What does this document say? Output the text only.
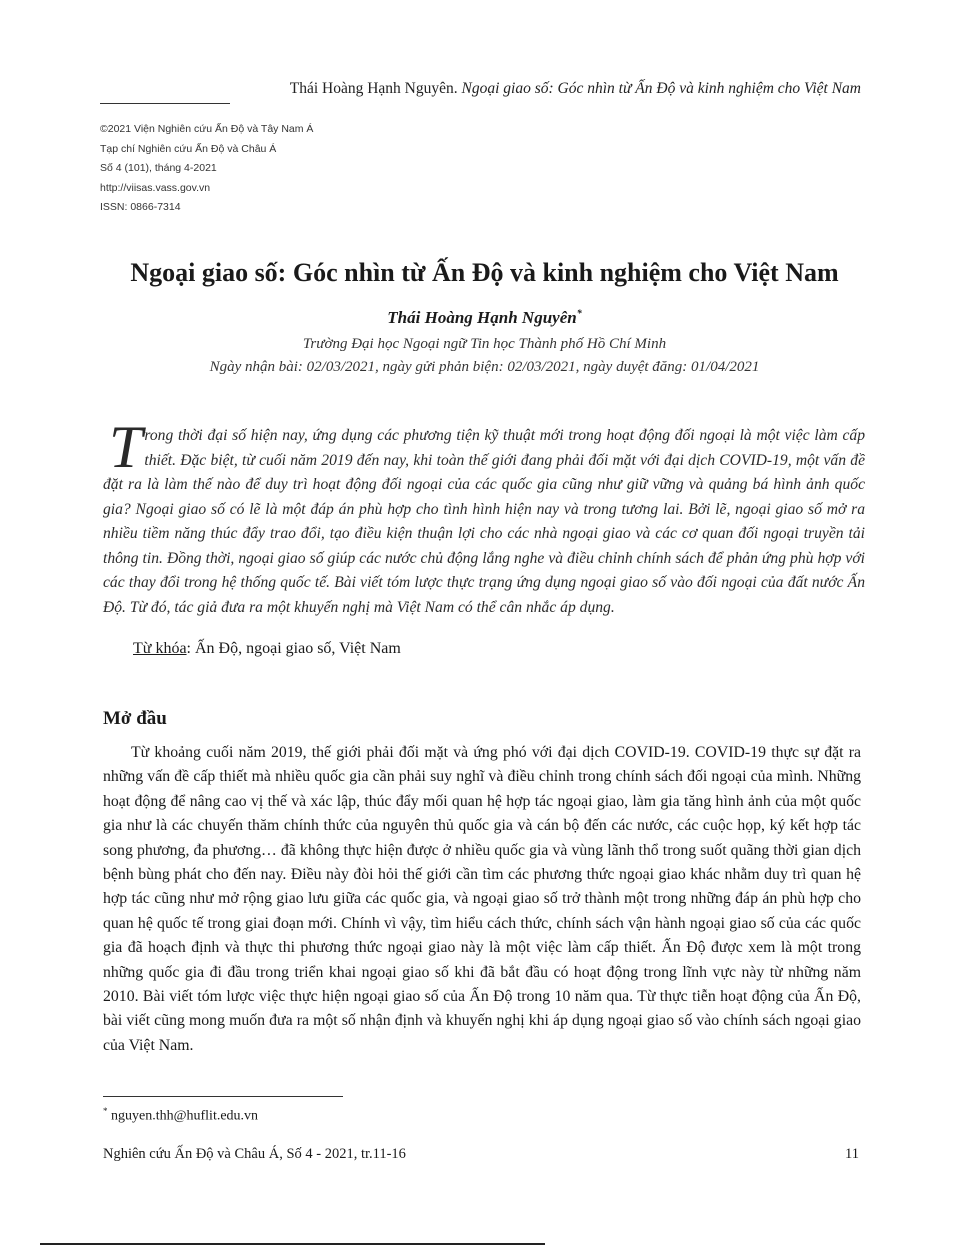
Thái Hoàng Hạnh Nguyên. Ngoại giao số: Góc nhìn từ Ấn Độ và kinh nghiệm cho Việt Nam
©2021 Viện Nghiên cứu Ấn Độ và Tây Nam Á
Tạp chí Nghiên cứu Ấn Độ và Châu Á
Số 4 (101), tháng 4-2021
http://viisas.vass.gov.vn
ISSN: 0866-7314
Ngoại giao số: Góc nhìn từ Ấn Độ và kinh nghiệm cho Việt Nam
Thái Hoàng Hạnh Nguyên*
Trường Đại học Ngoại ngữ Tin học Thành phố Hồ Chí Minh
Ngày nhận bài: 02/03/2021, ngày gửi phản biện: 02/03/2021, ngày duyệt đăng: 01/04/2021
Trong thời đại số hiện nay, ứng dụng các phương tiện kỹ thuật mới trong hoạt động đối ngoại là một việc làm cấp thiết. Đặc biệt, từ cuối năm 2019 đến nay, khi toàn thế giới đang phải đối mặt với đại dịch COVID-19, một vấn đề đặt ra là làm thế nào để duy trì hoạt động đối ngoại của các quốc gia cũng như giữ vững và quảng bá hình ảnh quốc gia? Ngoại giao số có lẽ là một đáp án phù hợp cho tình hình hiện nay và trong tương lai. Bởi lẽ, ngoại giao số mở ra nhiều tiềm năng thúc đẩy trao đổi, tạo điều kiện thuận lợi cho các nhà ngoại giao và các cơ quan đối ngoại truyền tải thông tin. Đồng thời, ngoại giao số giúp các nước chủ động lắng nghe và điều chỉnh chính sách để phản ứng phù hợp với các thay đổi trong hệ thống quốc tế. Bài viết tóm lược thực trạng ứng dụng ngoại giao số vào đối ngoại của đất nước Ấn Độ. Từ đó, tác giả đưa ra một khuyến nghị mà Việt Nam có thể cân nhắc áp dụng.
Từ khóa: Ấn Độ, ngoại giao số, Việt Nam
Mở đầu

Từ khoảng cuối năm 2019, thế giới phải đối mặt và ứng phó với đại dịch COVID-19. COVID-19 thực sự đặt ra những vấn đề cấp thiết mà nhiều quốc gia cần phải suy nghĩ và điều chỉnh trong chính sách đối ngoại của mình. Những hoạt động để nâng cao vị thế và xác lập, thúc đẩy mối quan hệ hợp tác ngoại giao, làm gia tăng hình ảnh của một quốc gia như là các chuyến thăm chính thức của nguyên thủ quốc gia và cán bộ đến các nước, các cuộc họp, ký kết hợp tác song phương, đa phương… đã không thực hiện được ở nhiều quốc gia và vùng lãnh thổ trong suốt quãng thời gian dịch bệnh bùng phát cho đến nay. Điều này đòi hỏi thế giới cần tìm các phương thức ngoại giao khác nhằm duy trì quan hệ hợp tác cũng như mở rộng giao lưu giữa các quốc gia, và ngoại giao số trở thành một trong những đáp án phù hợp cho quan hệ quốc tế trong giai đoạn mới. Chính vì vậy, tìm hiểu cách thức, chính sách vận hành ngoại giao số của các quốc gia đã hoạch định và thực thi phương thức ngoại giao này là một việc làm cấp thiết. Ấn Độ được xem là một trong những quốc gia đi đầu trong triển khai ngoại giao số khi đã bắt đầu có hoạt động trong lĩnh vực này từ những năm 2010. Bài viết tóm lược việc thực hiện ngoại giao số của Ấn Độ trong 10 năm qua. Từ thực tiễn hoạt động của Ấn Độ, bài viết cũng mong muốn đưa ra một số nhận định và khuyến nghị khi áp dụng ngoại giao số vào chính sách ngoại giao của Việt Nam.

* nguyen.thh@huflit.edu.vn
Nghiên cứu Ấn Độ và Châu Á, Số 4 - 2021, tr.11-16	11
